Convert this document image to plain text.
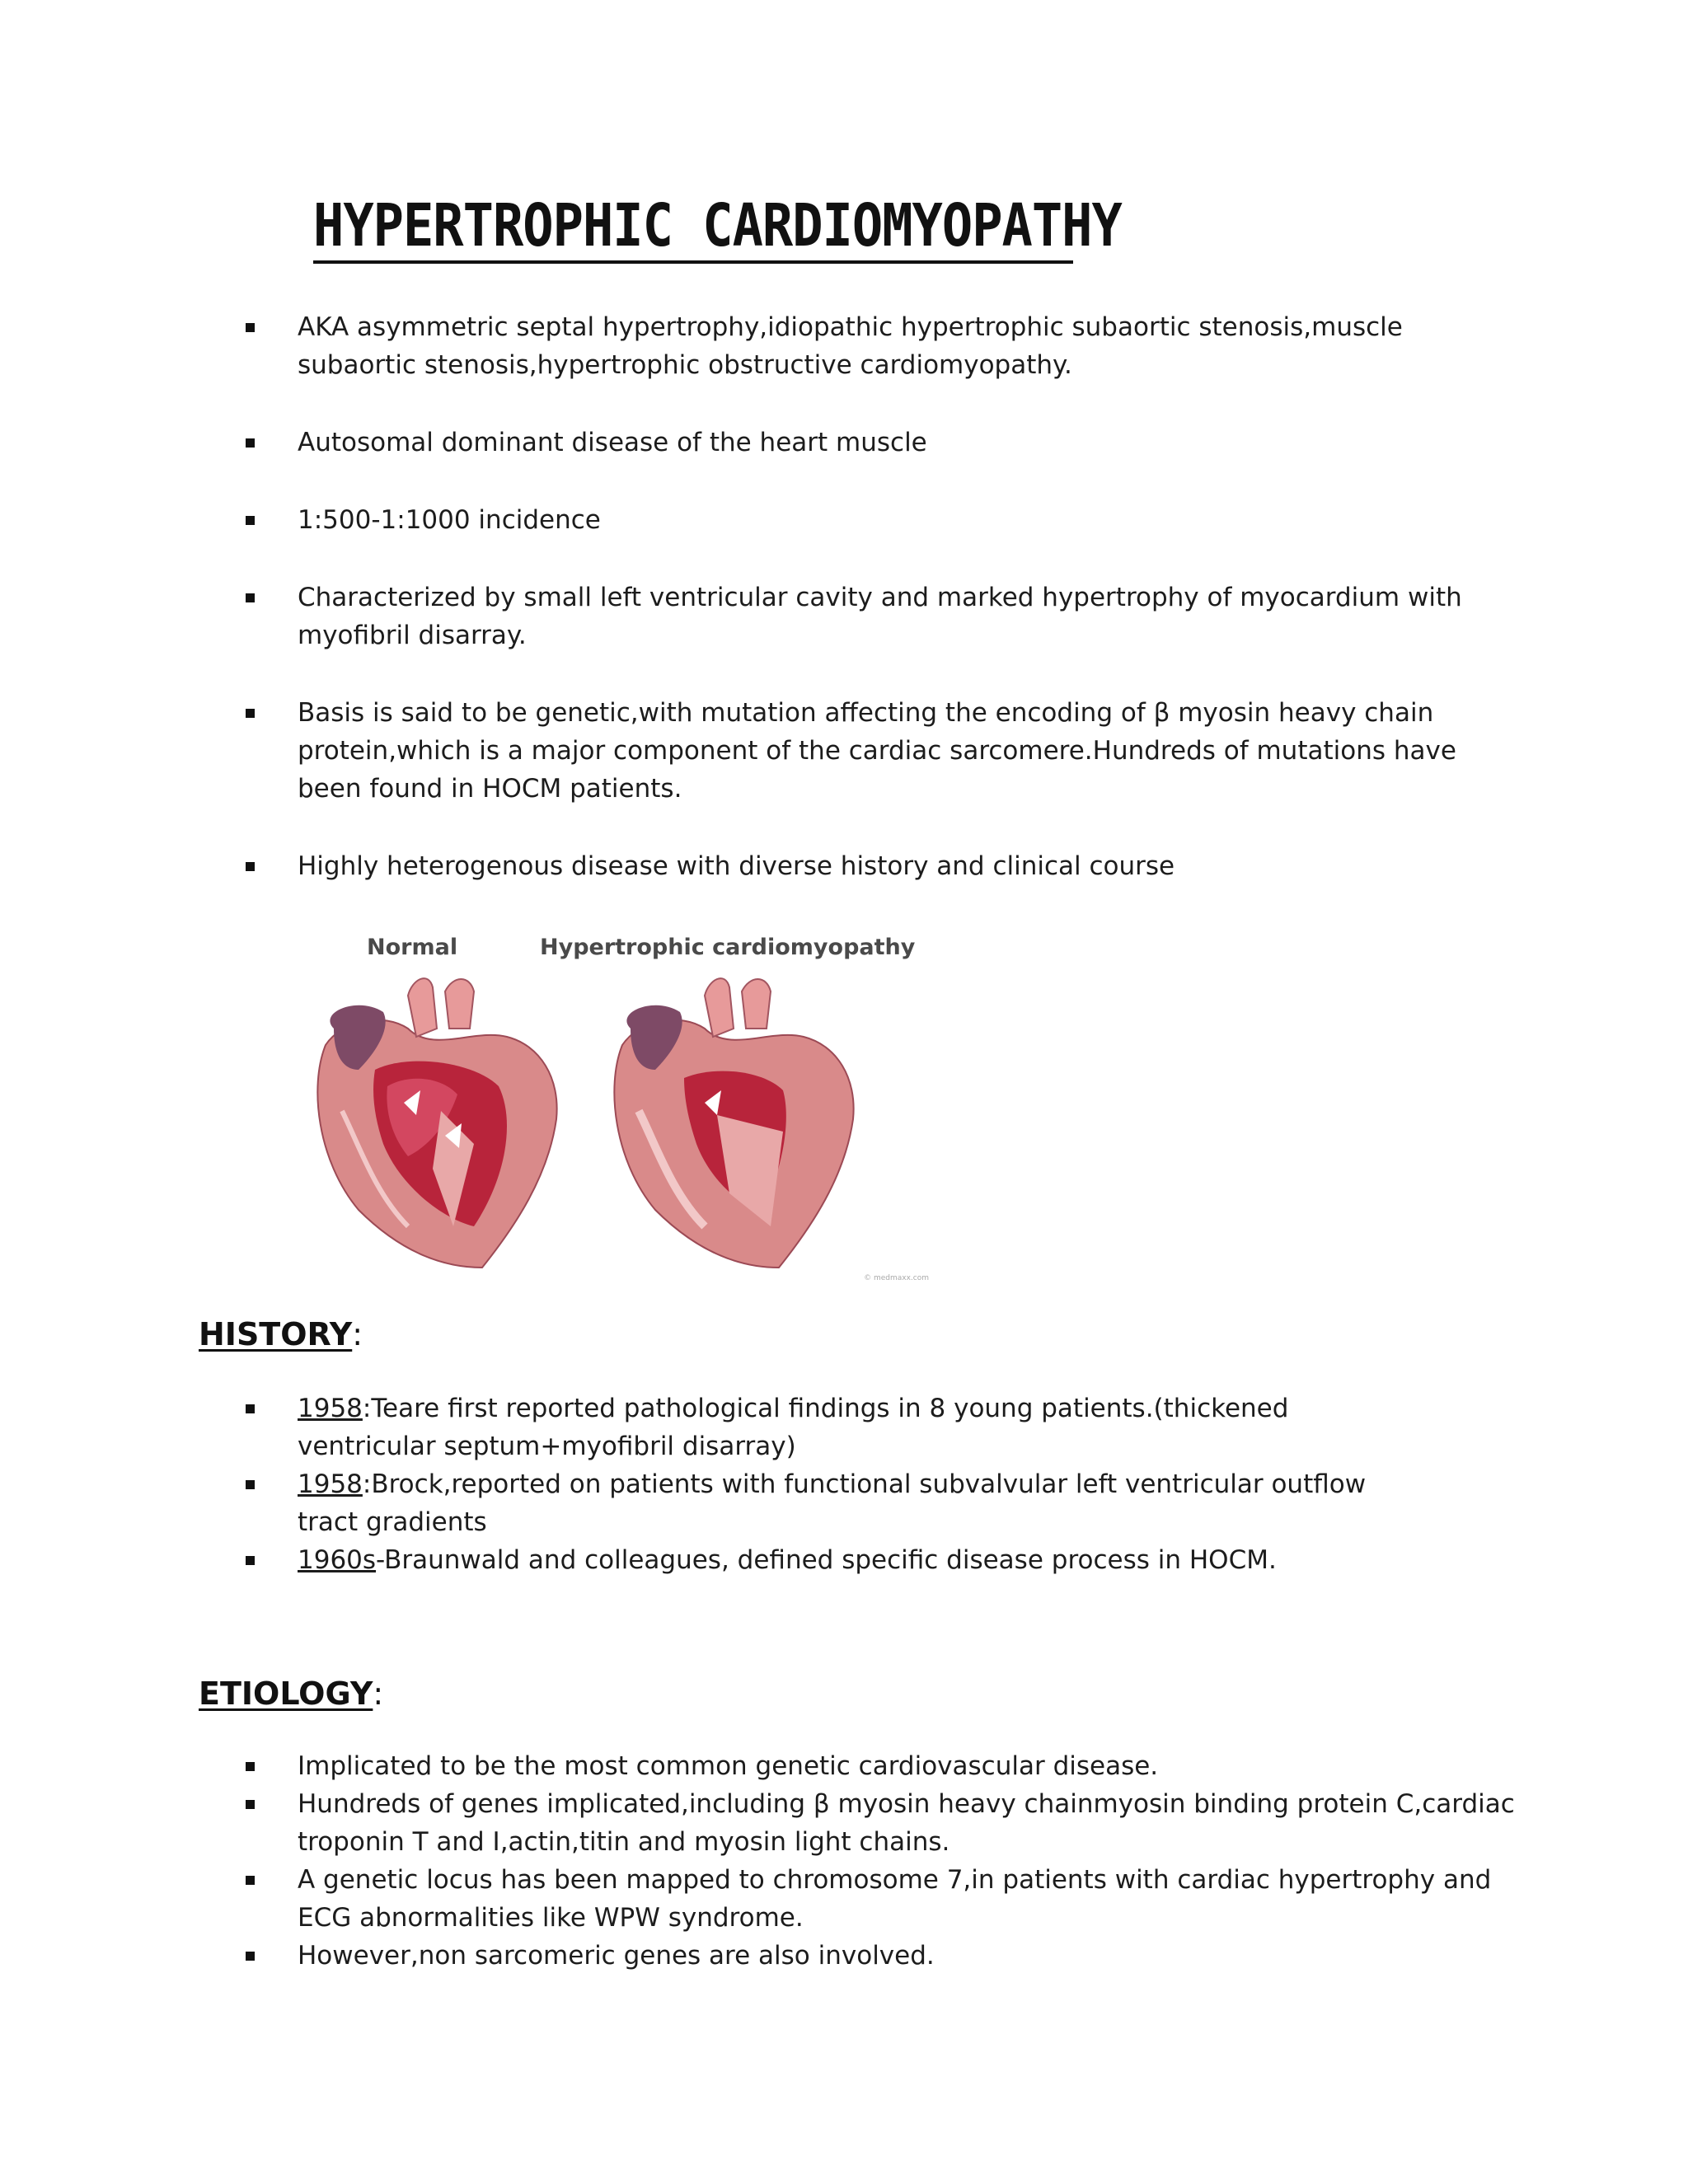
HYPERTROPHIC CARDIOMYOPATHY
AKA asymmetric septal hypertrophy,idiopathic hypertrophic subaortic stenosis,muscle subaortic stenosis,hypertrophic obstructive cardiomyopathy.
Autosomal dominant disease of the heart muscle
1:500-1:1000 incidence
Characterized by small left ventricular cavity and marked hypertrophy of myocardium with myofibril disarray.
Basis is said to be genetic,with mutation affecting the encoding of β myosin heavy chain protein,which is a major component of the cardiac sarcomere.Hundreds of mutations have been found in HOCM patients.
Highly heterogenous disease with diverse history and clinical course
Normal	Hypertrophic cardiomyopathy
© medmaxx.com
HISTORY:
1958:Teare first reported pathological findings in 8 young patients.(thickened ventricular septum+myofibril disarray)
1958:Brock,reported on patients with functional subvalvular left ventricular outflow tract gradients
1960s-Braunwald and colleagues, defined specific disease process in HOCM.
ETIOLOGY:
Implicated to be the most common genetic cardiovascular disease.
Hundreds of genes implicated,including β myosin heavy chainmyosin binding protein C,cardiac troponin T and I,actin,titin and myosin light chains.
A genetic locus has been mapped to chromosome 7,in patients with cardiac hypertrophy and ECG abnormalities like WPW syndrome.
However,non sarcomeric genes are also involved.
